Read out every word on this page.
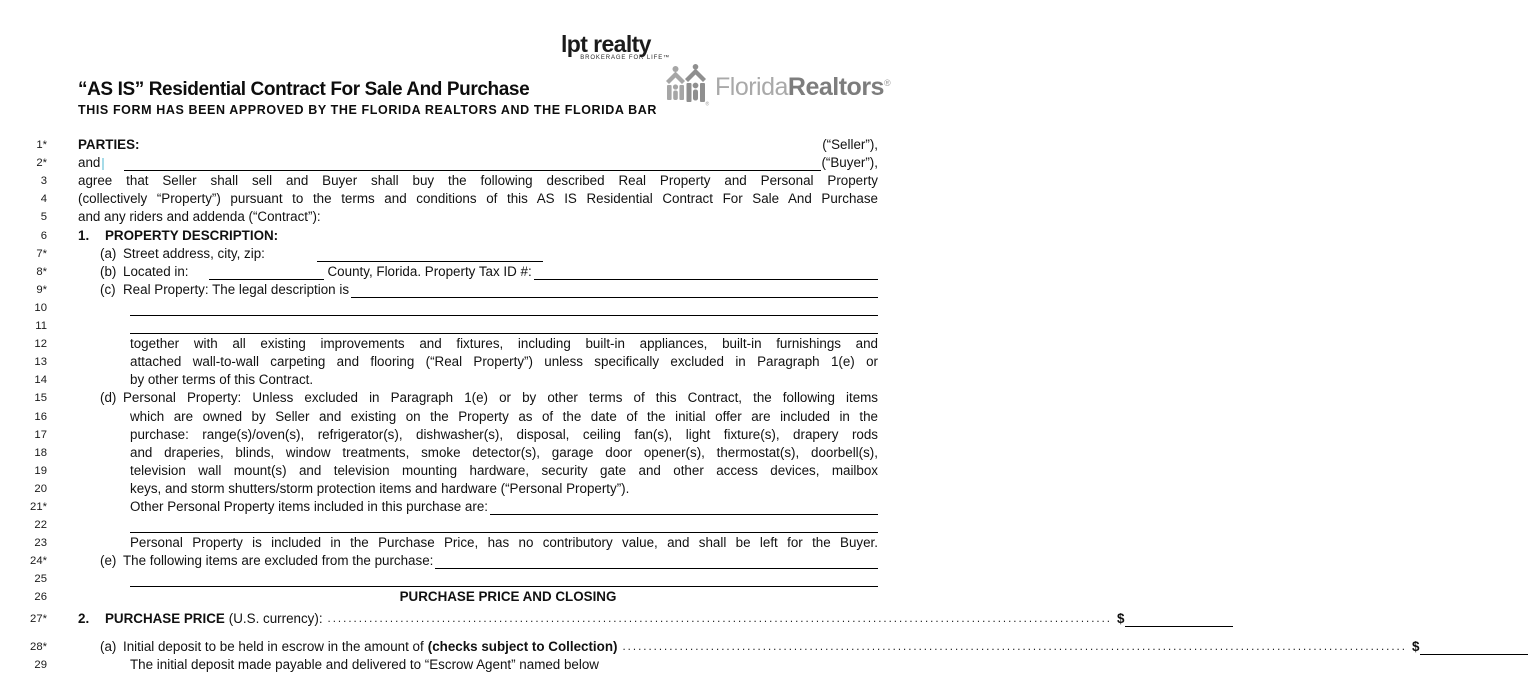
lpt realty
BROKERAGE FOR LIFE™
“AS IS” Residential Contract For Sale And Purchase
THIS FORM HAS BEEN APPROVED BY THE FLORIDA REALTORS AND THE FLORIDA BAR	®
FloridaRealtors®
1* PARTIES:	(“Seller”),
2* and	(“Buyer”),
3 agree that Seller shall sell and Buyer shall buy the following described Real Property and Personal Property
4 (collectively “Property”) pursuant to the terms and conditions of this AS IS Residential Contract For Sale And Purchase
5 and any riders and addenda (“Contract”):
6 1.	PROPERTY DESCRIPTION:
7*	(a) Street address, city, zip:
8*	(b) Located in:	County, Florida. Property Tax ID #:
9*	(c) Real Property: The legal description is
10
11
12	together with all existing improvements and fixtures, including built-in appliances, built-in furnishings and
13	attached wall-to-wall carpeting and flooring (“Real Property”) unless specifically excluded in Paragraph 1(e) or
14	by other terms of this Contract.
15	(d) Personal Property: Unless excluded in Paragraph 1(e) or by other terms of this Contract, the following items
16	which are owned by Seller and existing on the Property as of the date of the initial offer are included in the
17	purchase: range(s)/oven(s), refrigerator(s), dishwasher(s), disposal, ceiling fan(s), light fixture(s), drapery rods
18	and draperies, blinds, window treatments, smoke detector(s), garage door opener(s), thermostat(s), doorbell(s),
19	television wall mount(s) and television mounting hardware, security gate and other access devices, mailbox
20	keys, and storm shutters/storm protection items and hardware (“Personal Property”).
21*	Other Personal Property items included in this purchase are:
22
23	Personal Property is included in the Purchase Price, has no contributory value, and shall be left for the Buyer.
24*	(e) The following items are excluded from the purchase:
25
26	PURCHASE PRICE AND CLOSING
27* 2.	PURCHASE PRICE (U.S. currency): .....	$
28*	(a) Initial deposit to be held in escrow in the amount of (checks subject to Collection) .....	$
29	The initial deposit made payable and delivered to “Escrow Agent” named below
